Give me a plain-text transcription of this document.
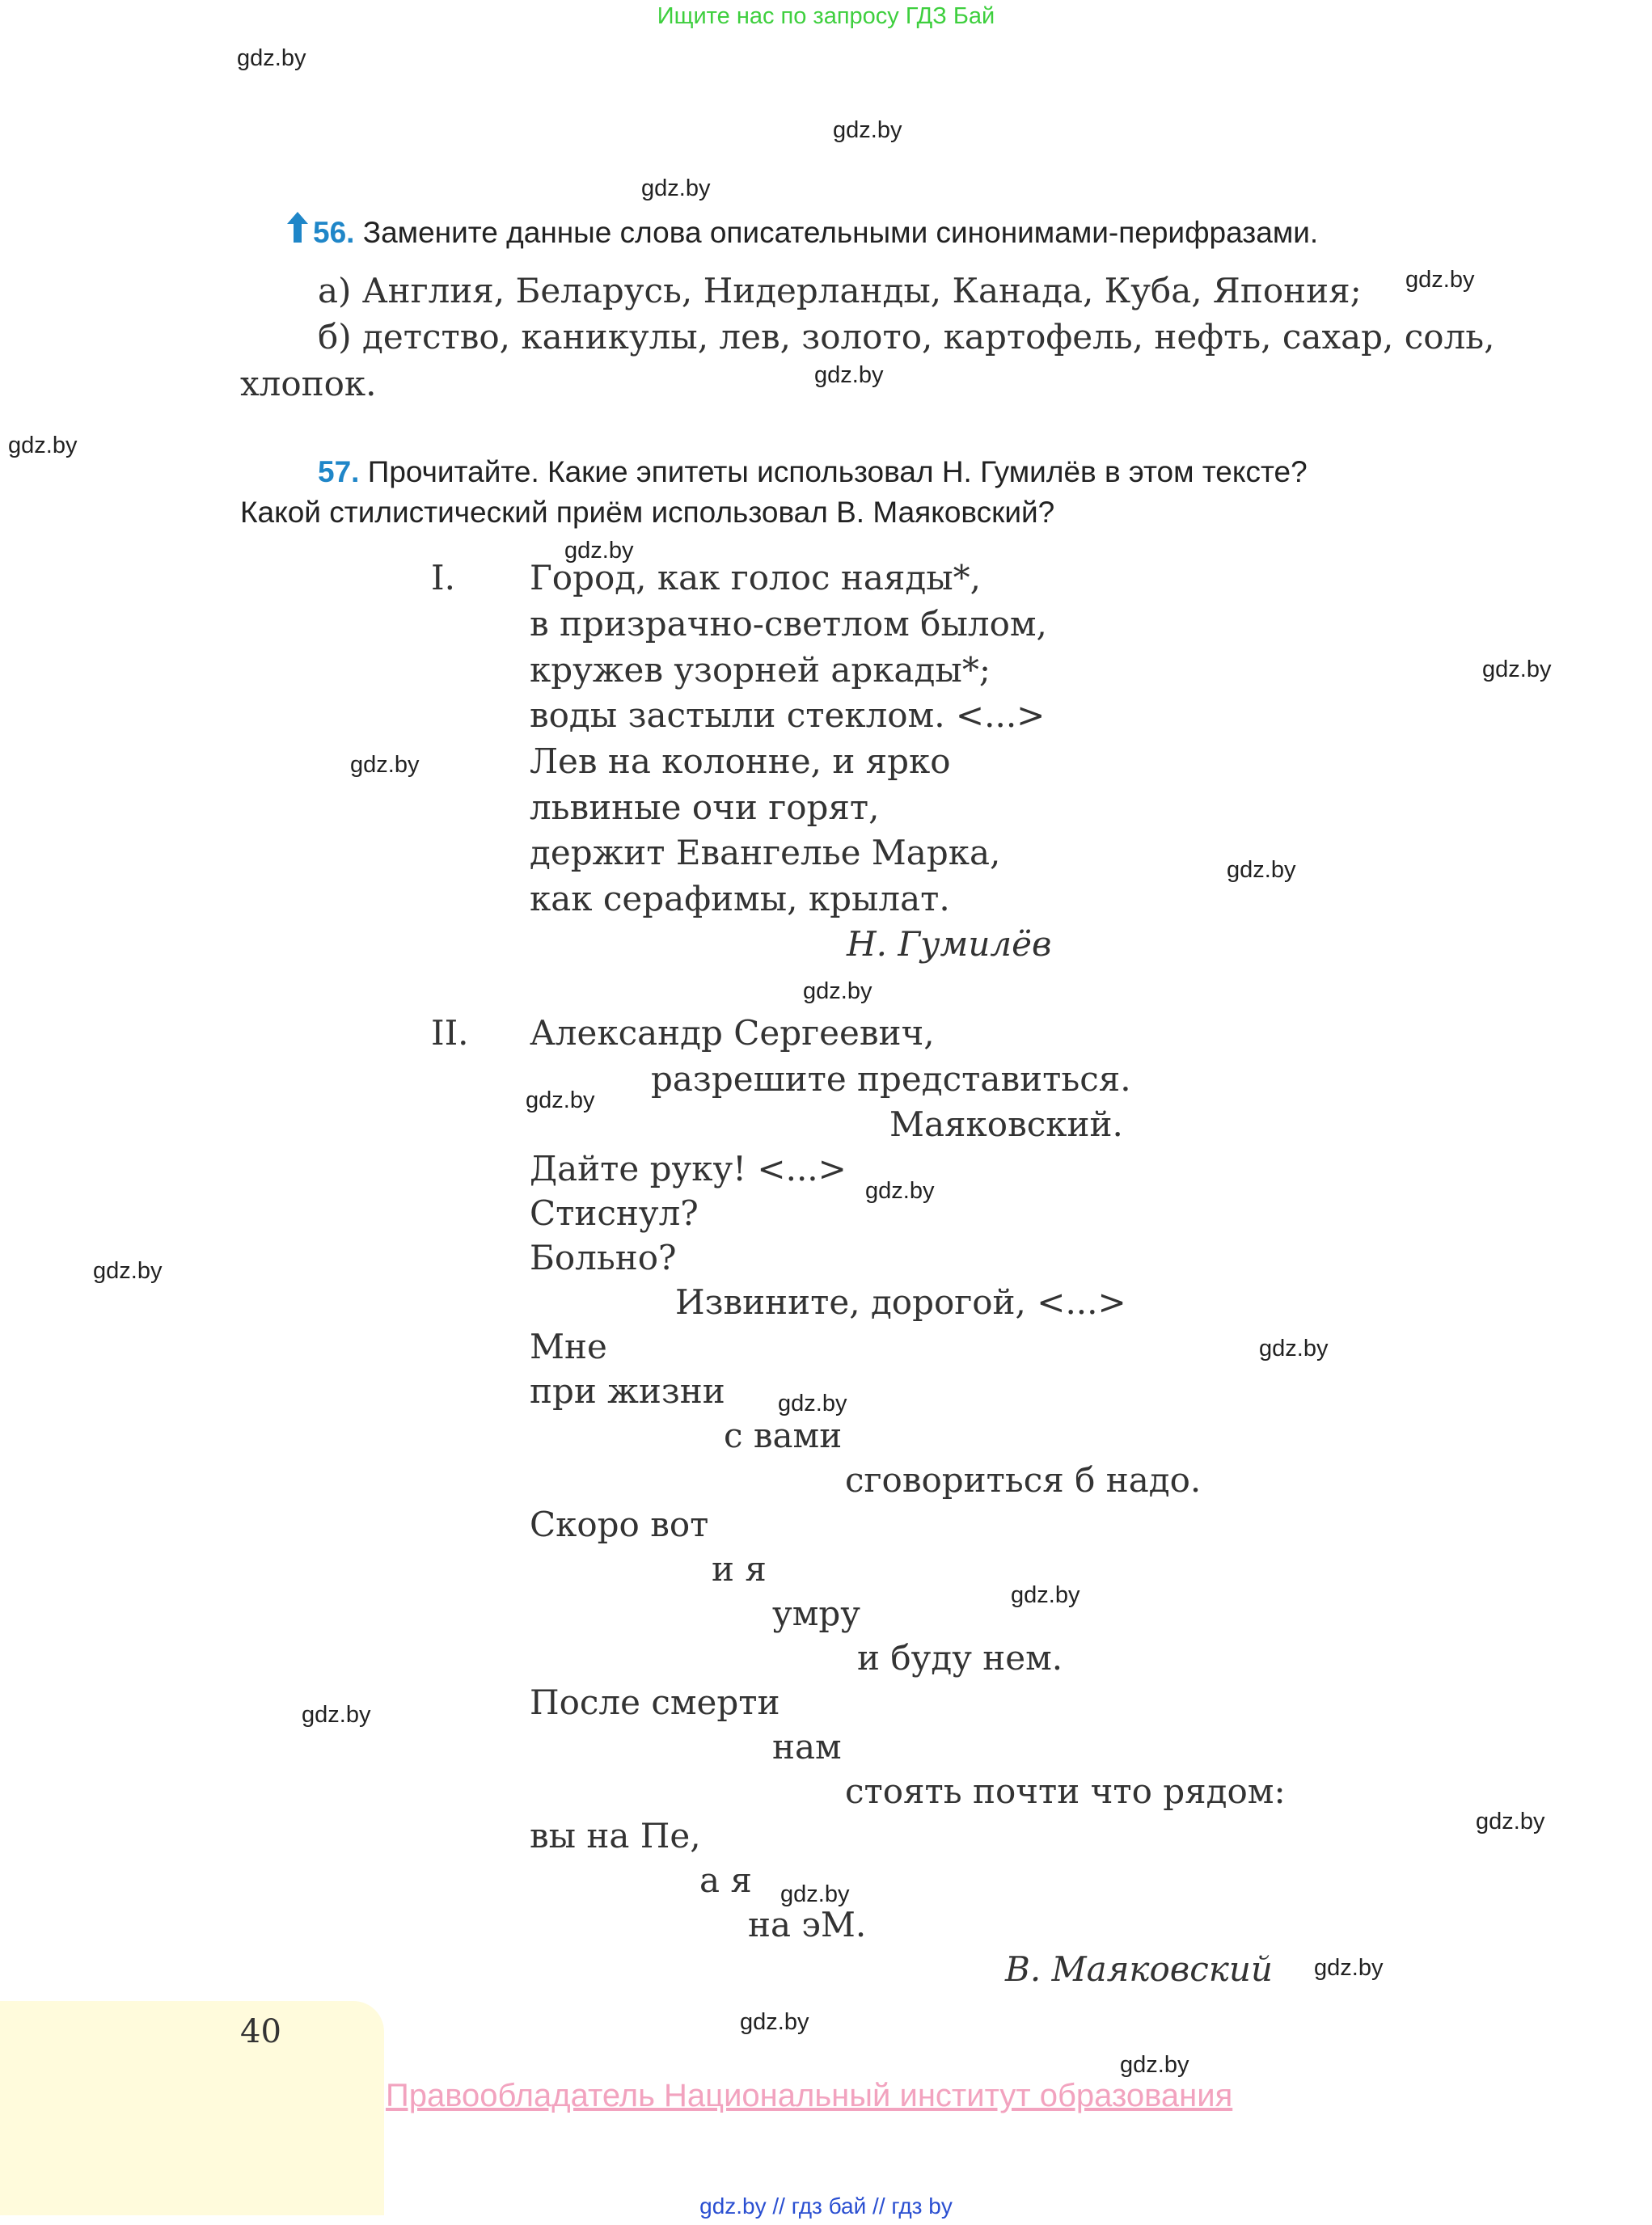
Ищите нас по запросу ГДЗ Бай
gdz.by
gdz.by
gdz.by
gdz.by
gdz.by
gdz.by
gdz.by
gdz.by
gdz.by
gdz.by
gdz.by
gdz.by
gdz.by
gdz.by
gdz.by
gdz.by
gdz.by
gdz.by
gdz.by
gdz.by
gdz.by
gdz.by
gdz.by
56. Замените данные слова описательными синонимами-перифразами.
а) Англия, Беларусь, Нидерланды, Канада, Куба, Япония;
б) детство, каникулы, лев, золото, картофель, нефть, сахар, соль,
хлопок.
57. Прочитайте. Какие эпитеты использовал Н. Гумилёв в этом тексте?
Какой стилистический приём использовал В. Маяковский?
I. Город, как голос наяды*,
в призрачно-светлом былом,
кружев узорней аркады*;
воды застыли стеклом. <...>
Лев на колонне, и ярко
львиные очи горят,
держит Евангелье Марка,
как серафимы, крылат.
Н. Гумилёв
II. Александр Сергеевич,
разрешите представиться.
Маяковский.
Дайте руку! <...>
Стиснул?
Больно?
Извините, дорогой, <...>
Мне
при жизни
с вами
сговориться б надо.
Скоро вот
и я
умру
и буду нем.
После смерти
нам
стоять почти что рядом:
вы на Пе,
а я
на эМ.
В. Маяковский
40
Правообладатель Национальный институт образования
gdz.by // гдз бай // гдз by
